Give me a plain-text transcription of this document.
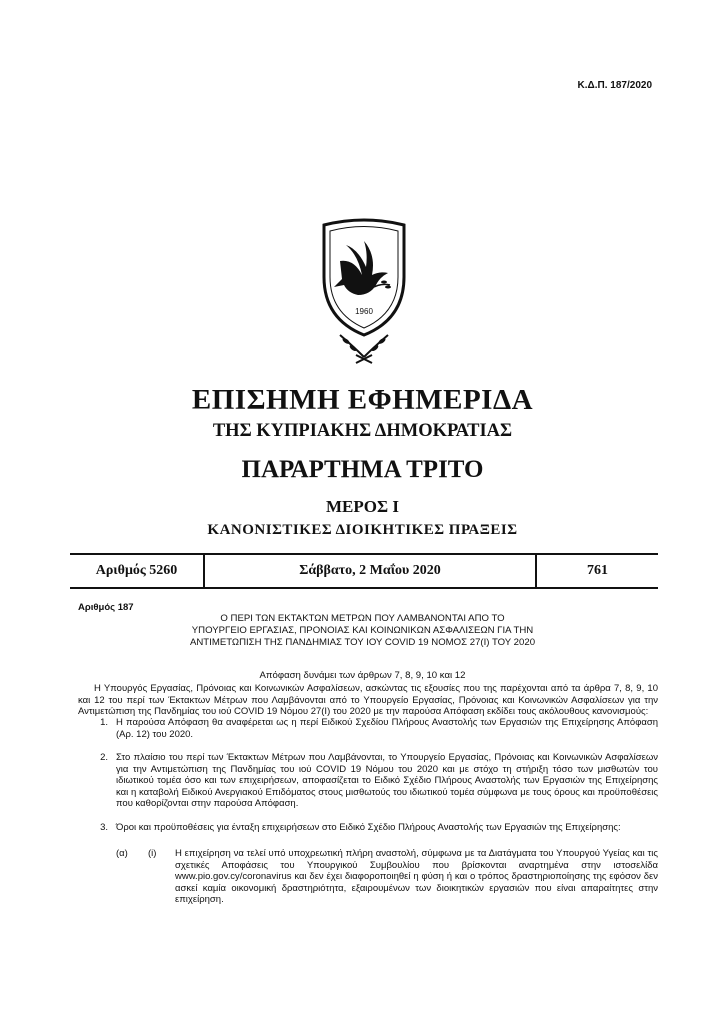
Κ.Δ.Π. 187/2020
1960
ΕΠΙΣΗΜΗ ΕΦΗΜΕΡΙΔΑ
ΤΗΣ ΚΥΠΡΙΑΚΗΣ ΔΗΜΟΚΡΑΤΙΑΣ
ΠΑΡΑΡΤΗΜΑ ΤΡΙΤΟ
ΜΕΡΟΣ Ι
ΚΑΝΟΝΙΣΤΙΚΕΣ ΔΙΟΙΚΗΤΙΚΕΣ ΠΡΑΞΕΙΣ
Αριθμός 5260	Σάββατο, 2 Μαΐου 2020	761
Αριθμός 187
Ο ΠΕΡΙ ΤΩΝ ΕΚΤΑΚΤΩΝ ΜΕΤΡΩΝ ΠΟΥ ΛΑΜΒΑΝΟΝΤΑΙ ΑΠΟ ΤΟ
ΥΠΟΥΡΓΕΙΟ ΕΡΓΑΣΙΑΣ, ΠΡΟΝΟΙΑΣ ΚΑΙ ΚΟΙΝΩΝΙΚΩΝ ΑΣΦΑΛΙΣΕΩΝ ΓΙΑ ΤΗΝ
ΑΝΤΙΜΕΤΩΠΙΣΗ ΤΗΣ ΠΑΝΔΗΜΙΑΣ ΤΟΥ ΙΟΥ COVID 19 ΝΟΜΟΣ 27(Ι) ΤΟΥ 2020
Απόφαση δυνάμει των άρθρων 7, 8, 9, 10 και 12

Η Υπουργός Εργασίας, Πρόνοιας και Κοινωνικών Ασφαλίσεων, ασκώντας τις εξουσίες που της παρέχονται από τα άρθρα 7, 8, 9, 10 και 12 του περί των Έκτακτων Μέτρων που Λαμβάνονται από το Υπουργείο Εργασίας, Πρόνοιας και Κοινωνικών Ασφαλίσεων για την Αντιμετώπιση της Πανδημίας του ιού COVID 19 Νόμου 27(Ι) του 2020 με την παρούσα Απόφαση εκδίδει τους ακόλουθους κανονισμούς:

1. Η παρούσα Απόφαση θα αναφέρεται ως η περί Ειδικού Σχεδίου Πλήρους Αναστολής των Εργασιών της Επιχείρησης Απόφαση (Αρ. 12) του 2020.
2. Στο πλαίσιο του περί των Έκτακτων Μέτρων που Λαμβάνονται, το Υπουργείο Εργασίας, Πρόνοιας και Κοινωνικών Ασφαλίσεων για την Αντιμετώπιση της Πανδημίας του ιού COVID 19 Νόμου του 2020 και με στόχο τη στήριξη τόσο των μισθωτών του ιδιωτικού τομέα όσο και των επιχειρήσεων, αποφασίζεται το Ειδικό Σχέδιο Πλήρους Αναστολής των Εργασιών της Επιχείρησης και η καταβολή Ειδικού Ανεργιακού Επιδόματος στους μισθωτούς του ιδιωτικού τομέα σύμφωνα με τους όρους και προϋποθέσεις που καθορίζονται στην παρούσα Απόφαση.
3. Όροι και προϋποθέσεις για ένταξη επιχειρήσεων στο Ειδικό Σχέδιο Πλήρους Αναστολής των Εργασιών της Επιχείρησης:
(α)	(i)	Η επιχείρηση να τελεί υπό υποχρεωτική πλήρη αναστολή, σύμφωνα με τα Διατάγματα του Υπουργού Υγείας και τις σχετικές Αποφάσεις του Υπουργικού Συμβουλίου που βρίσκονται αναρτημένα στην ιστοσελίδα www.pio.gov.cy/coronavirus και δεν έχει διαφοροποιηθεί η φύση ή και ο τρόπος δραστηριοποίησης της εφόσον δεν ασκεί καμία οικονομική δραστηριότητα, εξαιρουμένων των διοικητικών εργασιών που είναι απαραίτητες στην επιχείρηση.
